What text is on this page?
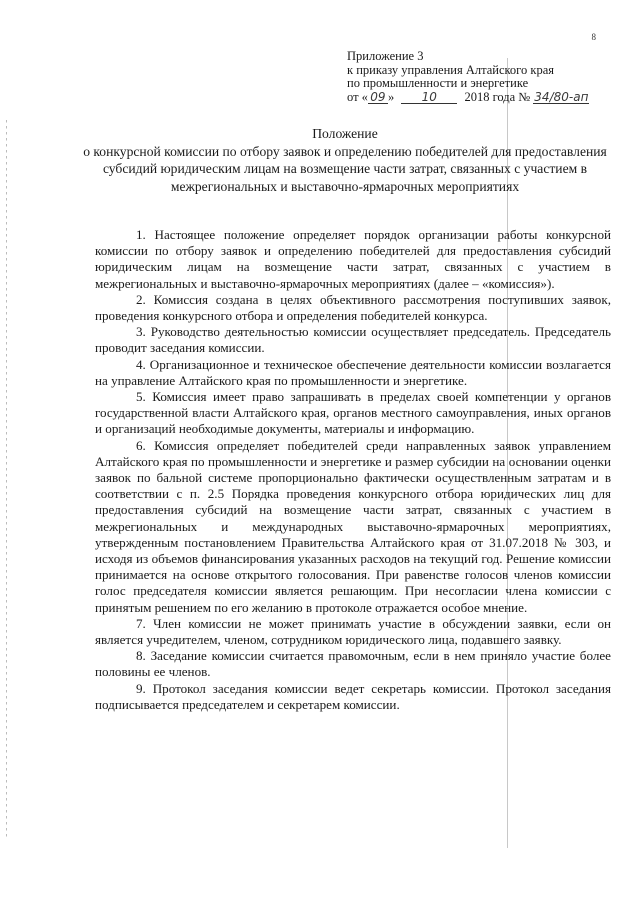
8
Приложение 3
к приказу управления Алтайского края
по промышленности и энергетике
от « 09 » 10 2018 года № 34/80-ап
Положение
о конкурсной комиссии по отбору заявок и определению победителей для предоставления субсидий юридическим лицам на возмещение части затрат, связанных с участием в межрегиональных и выставочно-ярмарочных мероприятиях

1. Настоящее положение определяет порядок организации работы конкурсной комиссии по отбору заявок и определению победителей для предоставления субсидий юридическим лицам на возмещение части затрат, связанных с участием в межрегиональных и выставочно-ярмарочных мероприятиях (далее – «комиссия»).

2. Комиссия создана в целях объективного рассмотрения поступивших заявок, проведения конкурсного отбора и определения победителей конкурса.

3. Руководство деятельностью комиссии осуществляет председатель. Председатель проводит заседания комиссии.

4. Организационное и техническое обеспечение деятельности комиссии возлагается на управление Алтайского края по промышленности и энергетике.

5. Комиссия имеет право запрашивать в пределах своей компетенции у органов государственной власти Алтайского края, органов местного самоуправления, иных органов и организаций необходимые документы, материалы и информацию.

6. Комиссия определяет победителей среди направленных заявок управлением Алтайского края по промышленности и энергетике и размер субсидии на основании оценки заявок по бальной системе пропорционально фактически осуществленным затратам и в соответствии с п. 2.5 Порядка проведения конкурсного отбора юридических лиц для предоставления субсидий на возмещение части затрат, связанных с участием в межрегиональных и международных выставочно-ярмарочных мероприятиях, утвержденным постановлением Правительства Алтайского края от 31.07.2018 № 303, и исходя из объемов финансирования указанных расходов на текущий год. Решение комиссии принимается на основе открытого голосования. При равенстве голосов членов комиссии голос председателя комиссии является решающим. При несогласии члена комиссии с принятым решением по его желанию в протоколе отражается особое мнение.

7. Член комиссии не может принимать участие в обсуждении заявки, если он является учредителем, членом, сотрудником юридического лица, подавшего заявку.

8. Заседание комиссии считается правомочным, если в нем приняло участие более половины ее членов.

9. Протокол заседания комиссии ведет секретарь комиссии. Протокол заседания подписывается председателем и секретарем комиссии.
